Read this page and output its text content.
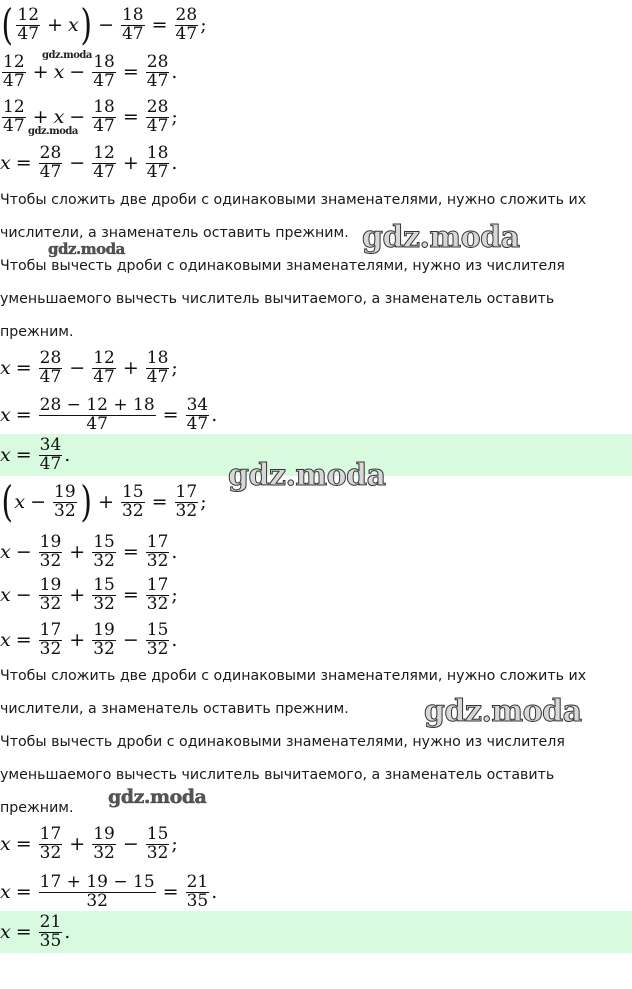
( $\frac{12}{47} + x$ ) − $\frac{18}{47} = \frac{28}{47}$ ;
$\frac{12}{47} + x - \frac{18}{47} = \frac{28}{47}$ .
$\frac{12}{47} + x - \frac{18}{47} = \frac{28}{47}$ ;
$x = \frac{28}{47} - \frac{12}{47} + \frac{18}{47}$ .
Чтобы сложить две дроби с одинаковыми знаменателями, нужно сложить их
числители, а знаменатель оставить прежним.
Чтобы вычесть дроби с одинаковыми знаменателями, нужно из числителя
уменьшаемого вычесть числитель вычитаемого, а знаменатель оставить
прежним.
$x = \frac{28}{47} - \frac{12}{47} + \frac{18}{47}$ ;
$x = \frac{28 - 12 + 18}{47} = \frac{34}{47}$ .
$x = \frac{34}{47}$ .
( $x - \frac{19}{32}$ ) + $\frac{15}{32} = \frac{17}{32}$ ;
$x - \frac{19}{32} + \frac{15}{32} = \frac{17}{32}$ .
$x - \frac{19}{32} + \frac{15}{32} = \frac{17}{32}$ ;
$x = \frac{17}{32} + \frac{19}{32} - \frac{15}{32}$ .
Чтобы сложить две дроби с одинаковыми знаменателями, нужно сложить их
числители, а знаменатель оставить прежним.
Чтобы вычесть дроби с одинаковыми знаменателями, нужно из числителя
уменьшаемого вычесть числитель вычитаемого, а знаменатель оставить
прежним.
$x = \frac{17}{32} + \frac{19}{32} - \frac{15}{32}$ ;
$x = \frac{17 + 19 - 15}{32} = \frac{21}{35}$ .
$x = \frac{21}{35}$ .
gdz.moda
gdz.moda
gdz.moda
gdz.moda
gdz.moda
gdz.moda
gdz.moda
